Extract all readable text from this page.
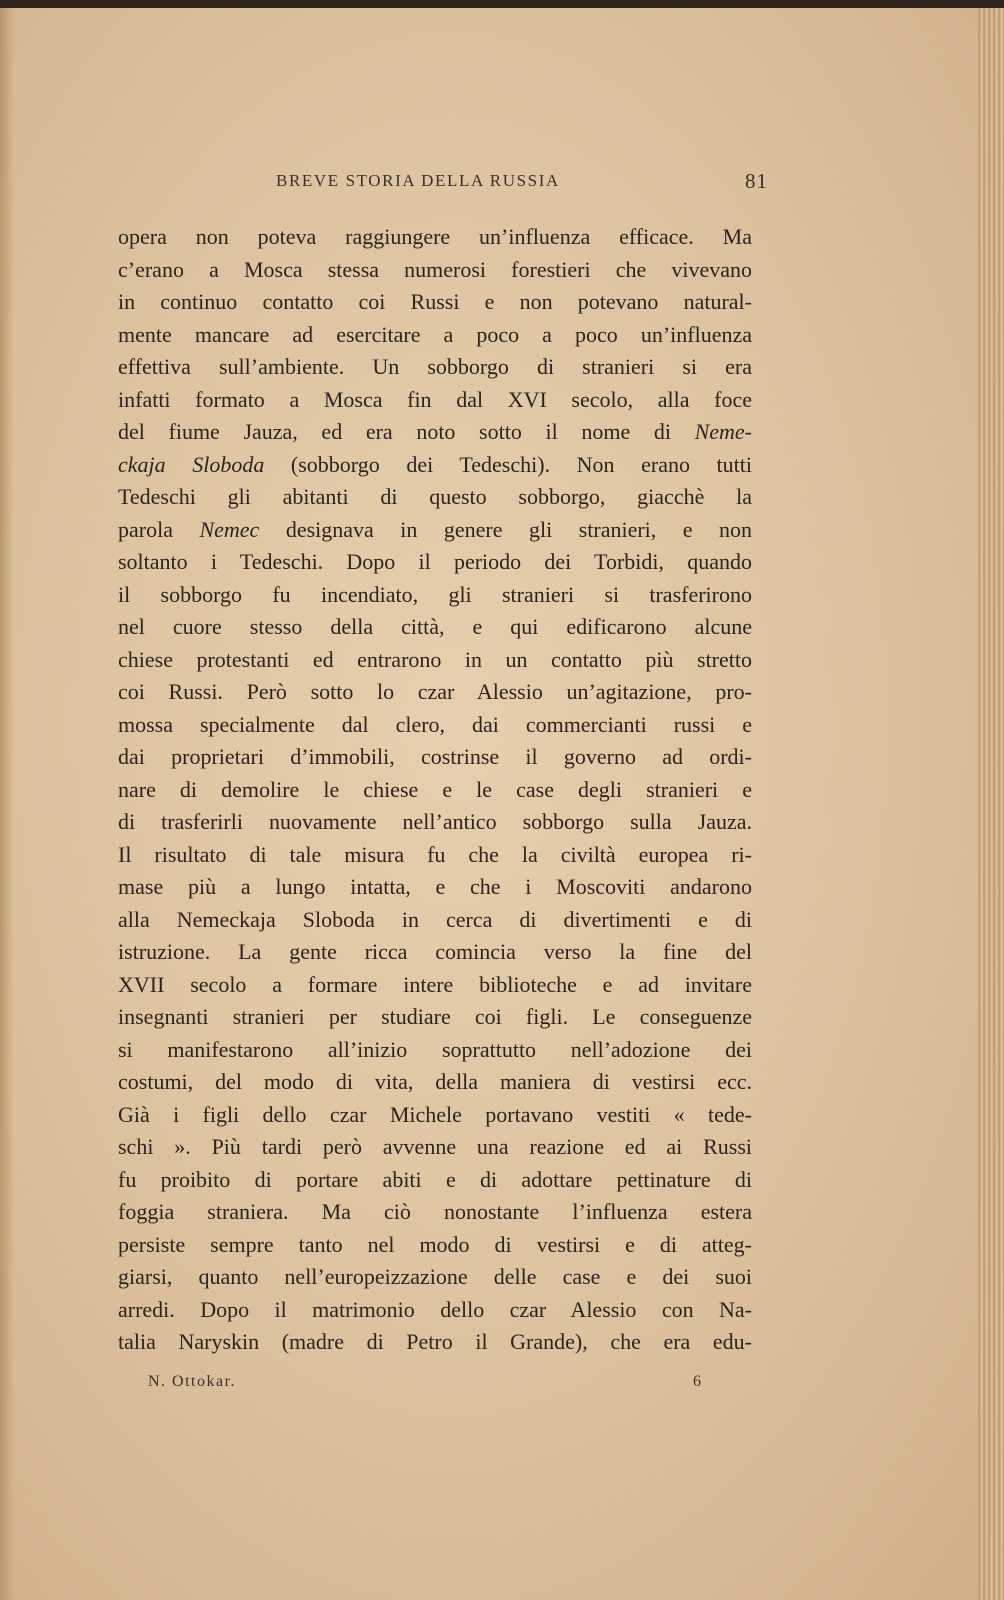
BREVE STORIA DELLA RUSSIA	81
opera non poteva raggiungere un’influenza efficace. Ma
c’erano a Mosca stessa numerosi forestieri che vivevano
in continuo contatto coi Russi e non potevano natural-
mente mancare ad esercitare a poco a poco un’influenza
effettiva sull’ambiente. Un sobborgo di stranieri si era
infatti formato a Mosca fin dal XVI secolo, alla foce
del fiume Jauza, ed era noto sotto il nome di Neme-
ckaja Sloboda (sobborgo dei Tedeschi). Non erano tutti
Tedeschi gli abitanti di questo sobborgo, giacchè la
parola Nemec designava in genere gli stranieri, e non
soltanto i Tedeschi. Dopo il periodo dei Torbidi, quando
il sobborgo fu incendiato, gli stranieri si trasferirono
nel cuore stesso della città, e qui edificarono alcune
chiese protestanti ed entrarono in un contatto più stretto
coi Russi. Però sotto lo czar Alessio un’agitazione, pro-
mossa specialmente dal clero, dai commercianti russi e
dai proprietari d’immobili, costrinse il governo ad ordi-
nare di demolire le chiese e le case degli stranieri e
di trasferirli nuovamente nell’antico sobborgo sulla Jauza.
Il risultato di tale misura fu che la civiltà europea ri-
mase più a lungo intatta, e che i Moscoviti andarono
alla Nemeckaja Sloboda in cerca di divertimenti e di
istruzione. La gente ricca comincia verso la fine del
XVII secolo a formare intere biblioteche e ad invitare
insegnanti stranieri per studiare coi figli. Le conseguenze
si manifestarono all’inizio soprattutto nell’adozione dei
costumi, del modo di vita, della maniera di vestirsi ecc.
Già i figli dello czar Michele portavano vestiti « tede-
schi ». Più tardi però avvenne una reazione ed ai Russi
fu proibito di portare abiti e di adottare pettinature di
foggia straniera. Ma ciò nonostante l’influenza estera
persiste sempre tanto nel modo di vestirsi e di atteg-
giarsi, quanto nell’europeizzazione delle case e dei suoi
arredi. Dopo il matrimonio dello czar Alessio con Na-
talia Naryskin (madre di Petro il Grande), che era edu-
N. Ottokar.	6
